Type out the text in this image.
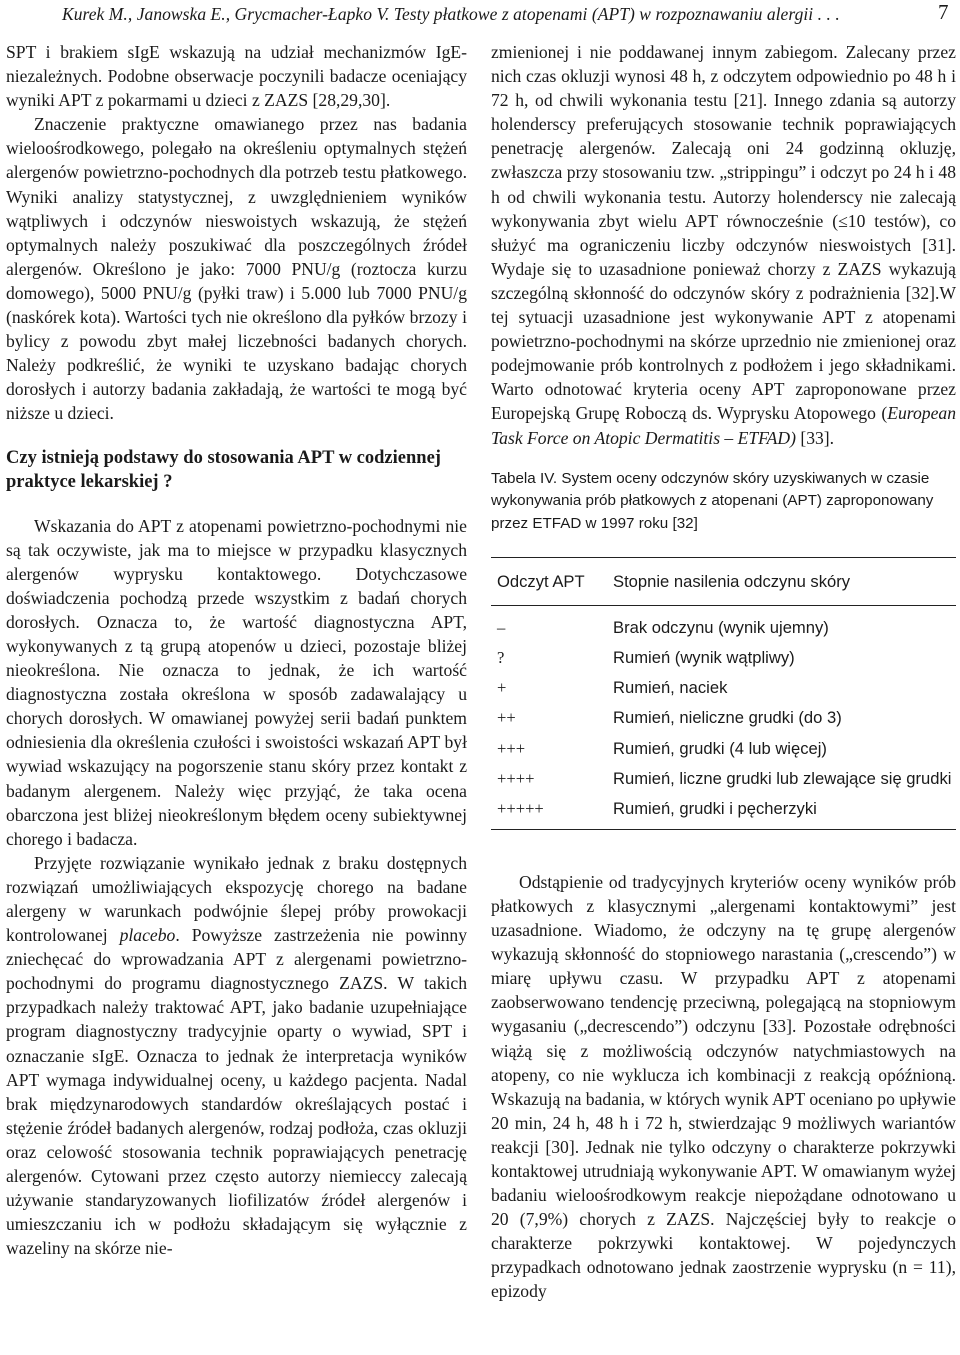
Kurek M., Janowska E., Grycmacher-Łapko V. Testy płatkowe z atopenami (APT) w rozpoznawaniu alergii . . .	7

SPT i brakiem sIgE wskazują na udział mechanizmów IgE-niezależnych. Podobne obserwacje poczynili badacze oceniający wyniki APT z pokarmami u dzieci z ZAZS [28,29,30].

Znaczenie praktyczne omawianego przez nas badania wieloośrodkowego, polegało na określeniu optymalnych stężeń alergenów powietrzno-pochodnych dla potrzeb testu płatkowego. Wyniki analizy statystycznej, z uwzględnieniem wyników wątpliwych i odczynów nieswoistych wskazują, że stężeń optymalnych należy poszukiwać dla poszczególnych źródeł alergenów. Określono je jako: 7000 PNU/g (roztocza kurzu domowego), 5000 PNU/g (pyłki traw) i 5.000 lub 7000 PNU/g (naskórek kota). Wartości tych nie określono dla pyłków brzozy i bylicy z powodu zbyt małej liczebności badanych chorych. Należy podkreślić, że wyniki te uzyskano badając chorych dorosłych i autorzy badania zakładają, że wartości te mogą być niższe u dzieci.

Czy istnieją podstawy do stosowania APT w codziennej praktyce lekarskiej ?

Wskazania do APT z atopenami powietrzno-pochodnymi nie są tak oczywiste, jak ma to miejsce w przypadku klasycznych alergenów wyprysku kontaktowego. Dotychczasowe doświadczenia pochodzą przede wszystkim z badań chorych dorosłych. Oznacza to, że wartość diagnostyczna APT, wykonywanych z tą grupą atopenów u dzieci, pozostaje bliżej nieokreślona. Nie oznacza to jednak, że ich wartość diagnostyczna została określona w sposób zadawalający u chorych dorosłych. W omawianej powyżej serii badań punktem odniesienia dla określenia czułości i swoistości wskazań APT był wywiad wskazujący na pogorszenie stanu skóry przez kontakt z badanym alergenem. Należy więc przyjąć, że taka ocena obarczona jest bliżej nieokreślonym błędem oceny subiektywnej chorego i badacza.

Przyjęte rozwiązanie wynikało jednak z braku dostępnych rozwiązań umożliwiających ekspozycję chorego na badane alergeny w warunkach podwójnie ślepej próby prowokacji kontrolowanej placebo. Powyższe zastrzeżenia nie powinny zniechęcać do wprowadzania APT z alergenami powietrzno-pochodnymi do programu diagnostycznego ZAZS. W takich przypadkach należy traktować APT, jako badanie uzupełniające program diagnostyczny tradycyjnie oparty o wywiad, SPT i oznaczanie sIgE. Oznacza to jednak że interpretacja wyników APT wymaga indywidualnej oceny, u każdego pacjenta. Nadal brak międzynarodowych standardów określających postać i stężenie źródeł badanych alergenów, rodzaj podłoża, czas okluzji oraz celowość stosowania technik poprawiających penetrację alergenów. Cytowani przez często autorzy niemieccy zalecają używanie standaryzowanych liofilizatów źródeł alergenów i umieszczaniu ich w podłożu składającym się wyłącznie z wazeliny na skórze nie-

zmienionej i nie poddawanej innym zabiegom. Zalecany przez nich czas okluzji wynosi 48 h, z odczytem odpowiednio po 48 h i 72 h, od chwili wykonania testu [21]. Innego zdania są autorzy holenderscy preferujących stosowanie technik poprawiających penetrację alergenów. Zalecają oni 24 godzinną okluzję, zwłaszcza przy stosowaniu tzw. „strippingu” i odczyt po 24 h i 48 h od chwili wykonania testu. Autorzy holenderscy nie zalecają wykonywania zbyt wielu APT równocześnie (≤10 testów), co służyć ma ograniczeniu liczby odczynów nieswoistych [31]. Wydaje się to uzasadnione ponieważ chorzy z ZAZS wykazują szczególną skłonność do odczynów skóry z podrażnienia [32].W tej sytuacji uzasadnione jest wykonywanie APT z atopenami powietrzno-pochodnymi na skórze uprzednio nie zmienionej oraz podejmowanie prób kontrolnych z podłożem i jego składnikami. Warto odnotować kryteria oceny APT zaproponowane przez Europejską Grupę Roboczą ds. Wyprysku Atopowego (European Task Force on Atopic Dermatitis – ETFAD) [33].

Tabela IV. System oceny odczynów skóry uzyskiwanych w czasie wykonywania prób płatkowych z atopenani (APT) zaproponowany przez ETFAD w 1997 roku [32]
Odczyt APT	Stopnie nasilenia odczynu skóry
–	Brak odczynu (wynik ujemny)
?	Rumień (wynik wątpliwy)
+	Rumień, naciek
++	Rumień, nieliczne grudki (do 3)
+++	Rumień, grudki (4 lub więcej)
++++	Rumień, liczne grudki lub zlewające się grudki
+++++	Rumień, grudki i pęcherzyki

Odstąpienie od tradycyjnych kryteriów oceny wyników prób płatkowych z klasycznymi „alergenami kontaktowymi” jest uzasadnione. Wiadomo, że odczyny na tę grupę alergenów wykazują skłonność do stopniowego narastania („crescendo”) w miarę upływu czasu. W przypadku APT z atopenami zaobserwowano tendencję przeciwną, polegającą na stopniowym wygasaniu („decrescendo”) odczynu [33]. Pozostałe odrębności wiążą się z możliwością odczynów natychmiastowych na atopeny, co nie wyklucza ich kombinacji z reakcją opóźnioną. Wskazują na badania, w których wynik APT oceniano po upływie 20 min, 24 h, 48 h i 72 h, stwierdzając 9 możliwych wariantów reakcji [30]. Jednak nie tylko odczyny o charakterze pokrzywki kontaktowej utrudniają wykonywanie APT. W omawianym wyżej badaniu wieloośrodkowym reakcje niepożądane odnotowano u 20 (7,9%) chorych z ZAZS. Najczęściej były to reakcje o charakterze pokrzywki kontaktowej. W pojedynczych przypadkach odnotowano jednak zaostrzenie wyprysku (n = 11), epizody
